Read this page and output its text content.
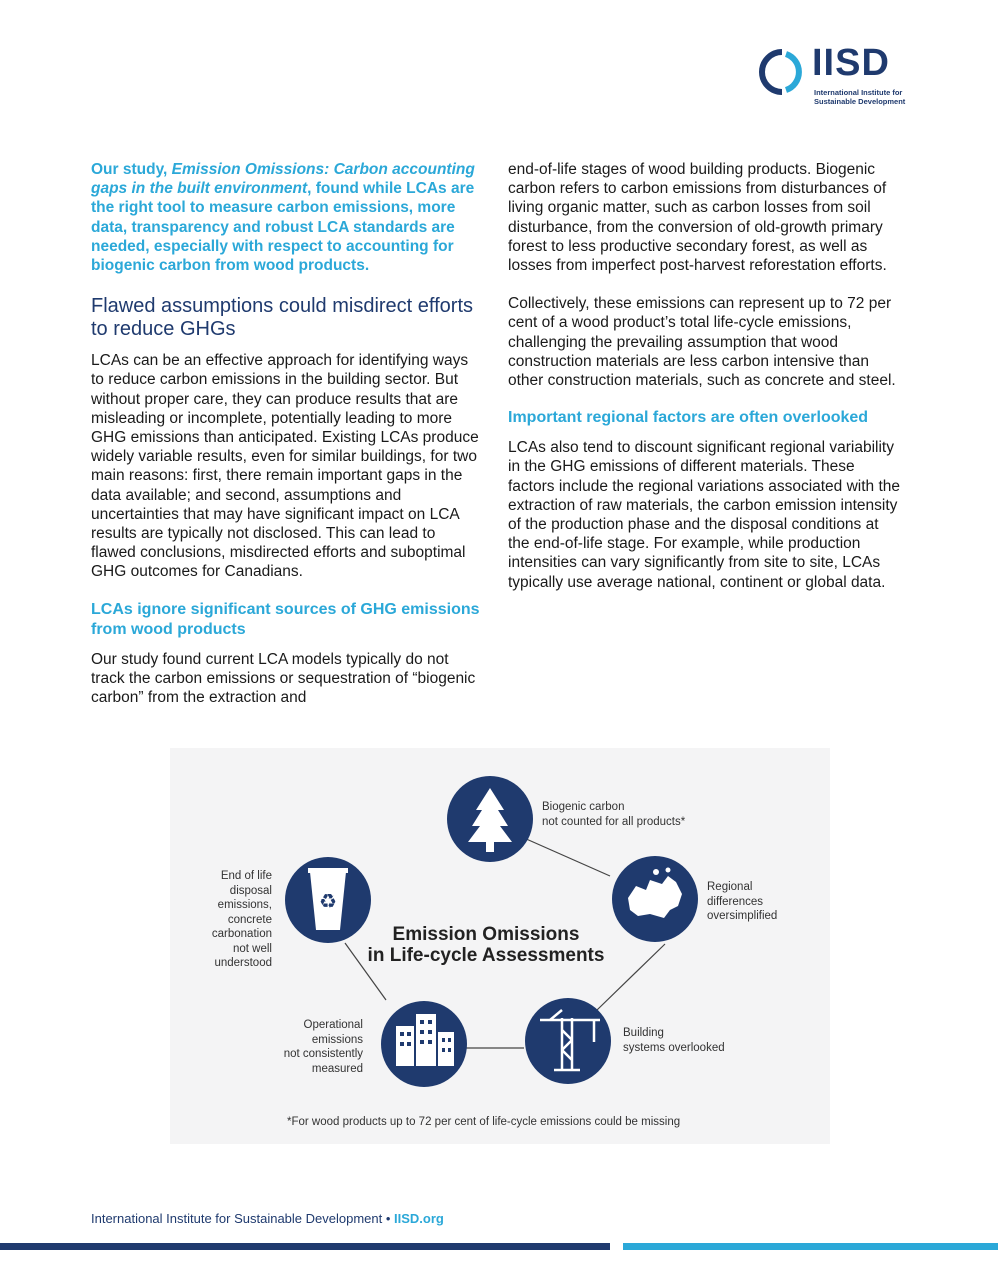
IISD
International Institute for
Sustainable Development

Our study, Emission Omissions: Carbon accounting gaps in the built environment, found while LCAs are the right tool to measure carbon emissions, more data, transparency and robust LCA standards are needed, especially with respect to accounting for biogenic carbon from wood products.

Flawed assumptions could misdirect efforts to reduce GHGs

LCAs can be an effective approach for identifying ways to reduce carbon emissions in the building sector. But without proper care, they can produce results that are misleading or incomplete, potentially leading to more GHG emissions than anticipated. Existing LCAs produce widely variable results, even for similar buildings, for two main reasons: first, there remain important gaps in the data available; and second, assumptions and uncertainties that may have significant impact on LCA results are typically not disclosed. This can lead to flawed conclusions, misdirected efforts and suboptimal GHG outcomes for Canadians.

LCAs ignore significant sources of GHG emissions from wood products

Our study found current LCA models typically do not track the carbon emissions or sequestration of “biogenic carbon” from the extraction and

end-of-life stages of wood building products. Biogenic carbon refers to carbon emissions from disturbances of living organic matter, such as carbon losses from soil disturbance, from the conversion of old-growth primary forest to less productive secondary forest, as well as losses from imperfect post-harvest reforestation efforts.

Collectively, these emissions can represent up to 72 per cent of a wood product’s total life-cycle emissions, challenging the prevailing assumption that wood construction materials are less carbon intensive than other construction materials, such as concrete and steel.

Important regional factors are often overlooked

LCAs also tend to discount significant regional variability in the GHG emissions of different materials. These factors include the regional variations associated with the extraction of raw materials, the carbon emission intensity of the production phase and the disposal conditions at the end-of-life stage. For example, while production intensities can vary significantly from site to site, LCAs typically use average national, continent or global data.

♻
Emission Omissions
in Life-cycle Assessments
Biogenic carbon
not counted for all products*
Regional
differences
oversimplified
Building
systems overlooked
Operational
emissions
not consistently
measured
End of life
disposal
emissions,
concrete
carbonation
not well
understood
*For wood products up to 72 per cent of life-cycle emissions could be missing
International Institute for Sustainable Development • IISD.org
